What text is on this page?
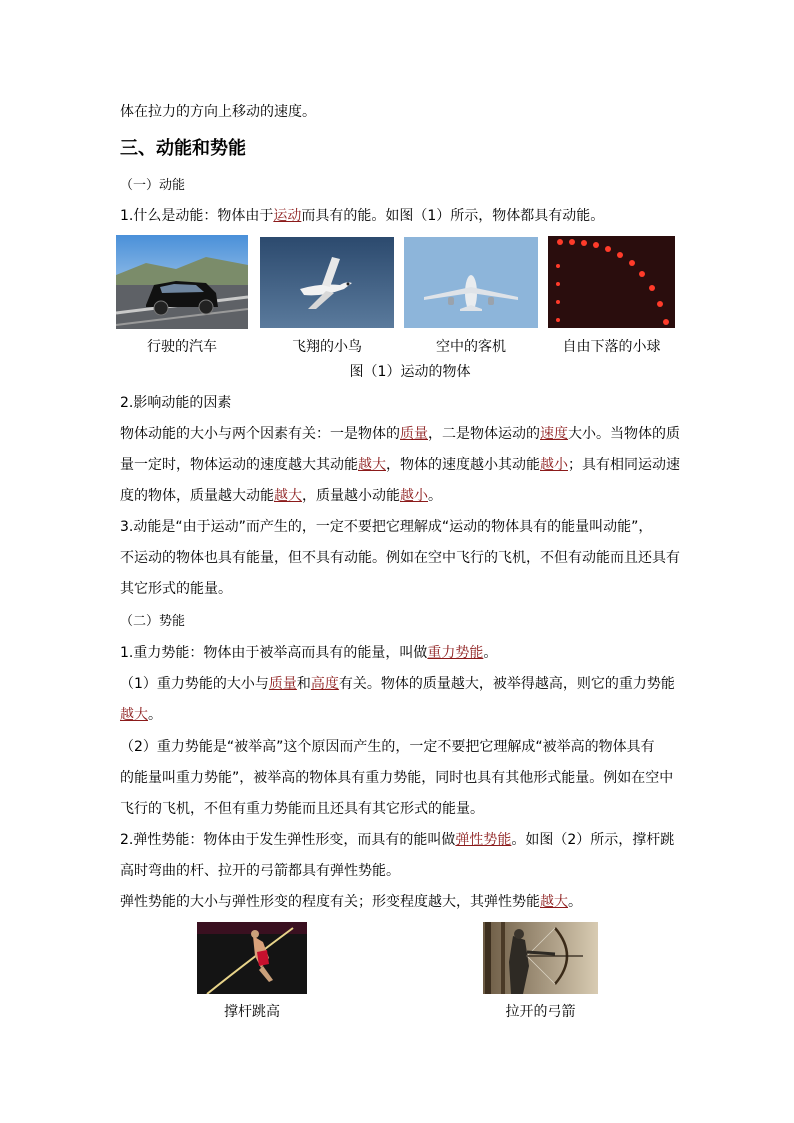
体在拉力的方向上移动的速度。
三、动能和势能
（一）动能
1.什么是动能：物体由于运动而具有的能。如图（1）所示，物体都具有动能。
行驶的汽车	飞翔的小鸟	空中的客机	自由下落的小球
图（1）运动的物体
2.影响动能的因素
物体动能的大小与两个因素有关：一是物体的质量，二是物体运动的速度大小。当物体的质
量一定时，物体运动的速度越大其动能越大，物体的速度越小其动能越小；具有相同运动速
度的物体，质量越大动能越大，质量越小动能越小。
3.动能是“由于运动”而产生的，一定不要把它理解成“运动的物体具有的能量叫动能”，
不运动的物体也具有能量，但不具有动能。例如在空中飞行的飞机，不但有动能而且还具有
其它形式的能量。
（二）势能
1.重力势能：物体由于被举高而具有的能量，叫做重力势能。
（1）重力势能的大小与质量和高度有关。物体的质量越大，被举得越高，则它的重力势能
越大。
（2）重力势能是“被举高”这个原因而产生的，一定不要把它理解成“被举高的物体具有
的能量叫重力势能”，被举高的物体具有重力势能，同时也具有其他形式能量。例如在空中
飞行的飞机，不但有重力势能而且还具有其它形式的能量。
2.弹性势能：物体由于发生弹性形变，而具有的能叫做弹性势能。如图（2）所示，撑杆跳
高时弯曲的杆、拉开的弓箭都具有弹性势能。
弹性势能的大小与弹性形变的程度有关；形变程度越大，其弹性势能越大。
撑杆跳高	拉开的弓箭
